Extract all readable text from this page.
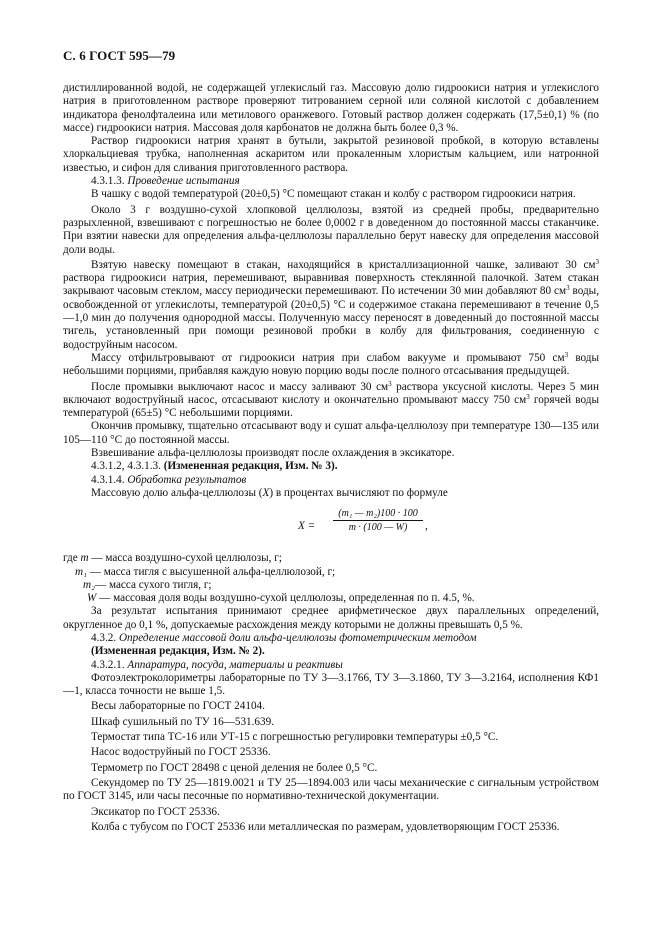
С. 6 ГОСТ 595—79

дистиллированной водой, не содержащей углекислый газ. Массовую долю гидроокиси натрия и углекислого натрия в приготовленном растворе проверяют титрованием серной или соляной кислотой с добавлением индикатора фенолфталеина или метилового оранжевого. Готовый раствор должен содержать (17,5±0,1) % (по массе) гидроокиси натрия. Массовая доля карбонатов не должна быть более 0,3 %.

Раствор гидроокиси натрия хранят в бутыли, закрытой резиновой пробкой, в которую вставлены хлоркальциевая трубка, наполненная аскаритом или прокаленным хлористым кальцием, или натронной известью, и сифон для сливания приготовленного раствора.

4.3.1.3. Проведение испытания

В чашку с водой температурой (20±0,5) °С помещают стакан и колбу с раствором гидроокиси натрия.

Около 3 г воздушно-сухой хлопковой целлюлозы, взятой из средней пробы, предварительно разрыхленной, взвешивают с погрешностью не более 0,0002 г в доведенном до постоянной массы стаканчике. При взятии навески для определения альфа-целлюлозы параллельно берут навеску для определения массовой доли воды.

Взятую навеску помещают в стакан, находящийся в кристаллизационной чашке, заливают 30 $см^3$ раствора гидроокиси натрия, перемешивают, выравнивая поверхность стеклянной палочкой. Затем стакан закрывают часовым стеклом, массу периодически перемешивают. По истечении 30 мин добавляют 80 $см^3$ воды, освобожденной от углекислоты, температурой (20±0,5) °С и содержимое стакана перемешивают в течение 0,5—1,0 мин до получения однородной массы. Полученную массу переносят в доведенный до постоянной массы тигель, установленный при помощи резиновой пробки в колбу для фильтрования, соединенную с водоструйным насосом.

Массу отфильтровывают от гидроокиси натрия при слабом вакууме и промывают 750 $см^3$ воды небольшими порциями, прибавляя каждую новую порцию воды после полного отсасывания предыдущей.

После промывки выключают насос и массу заливают 30 $см^3$ раствора уксусной кислоты. Через 5 мин включают водоструйный насос, отсасывают кислоту и окончательно промывают массу 750 $см^3$ горячей воды температурой (65±5) °С небольшими порциями.

Окончив промывку, тщательно отсасывают воду и сушат альфа-целлюлозу при температуре 130—135 или 105—110 °С до постоянной массы.

Взвешивание альфа-целлюлозы производят после охлаждения в эксикаторе.

4.3.1.2, 4.3.1.3. (Измененная редакция, Изм. № 3).

4.3.1.4. Обработка результатов

Массовую долю альфа-целлюлозы (X) в процентах вычисляют по формуле

X =
(m₁ — m₂)100 · 100
m · (100 — W)	,

где m — масса воздушно-сухой целлюлозы, г;

m₁ — масса тигля с высушенной альфа-целлюлозой, г;

m₂— масса сухого тигля, г;

W — массовая доля воды воздушно-сухой целлюлозы, определенная по п. 4.5, %.

За результат испытания принимают среднее арифметическое двух параллельных определений, округленное до 0,1 %, допускаемые расхождения между которыми не должны превышать 0,5 %.

4.3.2. Определение массовой доли альфа-целлюлозы фотометрическим методом

(Измененная редакция, Изм. № 2).

4.3.2.1. Аппаратура, посуда, материалы и реактивы

Фотоэлектроколориметры лабораторные по ТУ 3—3.1766, ТУ 3—3.1860, ТУ 3—3.2164, исполнения КФ1—1, класса точности не выше 1,5.

Весы лабораторные по ГОСТ 24104.

Шкаф сушильный по ТУ 16—531.639.

Термостат типа ТС-16 или УТ-15 с погрешностью регулировки температуры ±0,5 °С.

Насос водоструйный по ГОСТ 25336.

Термометр по ГОСТ 28498 с ценой деления не более 0,5 °С.

Секундомер по ТУ 25—1819.0021 и ТУ 25—1894.003 или часы механические с сигнальным устройством по ГОСТ 3145, или часы песочные по нормативно-технической документации.

Эксикатор по ГОСТ 25336.

Колба с тубусом по ГОСТ 25336 или металлическая по размерам, удовлетворяющим ГОСТ 25336.
